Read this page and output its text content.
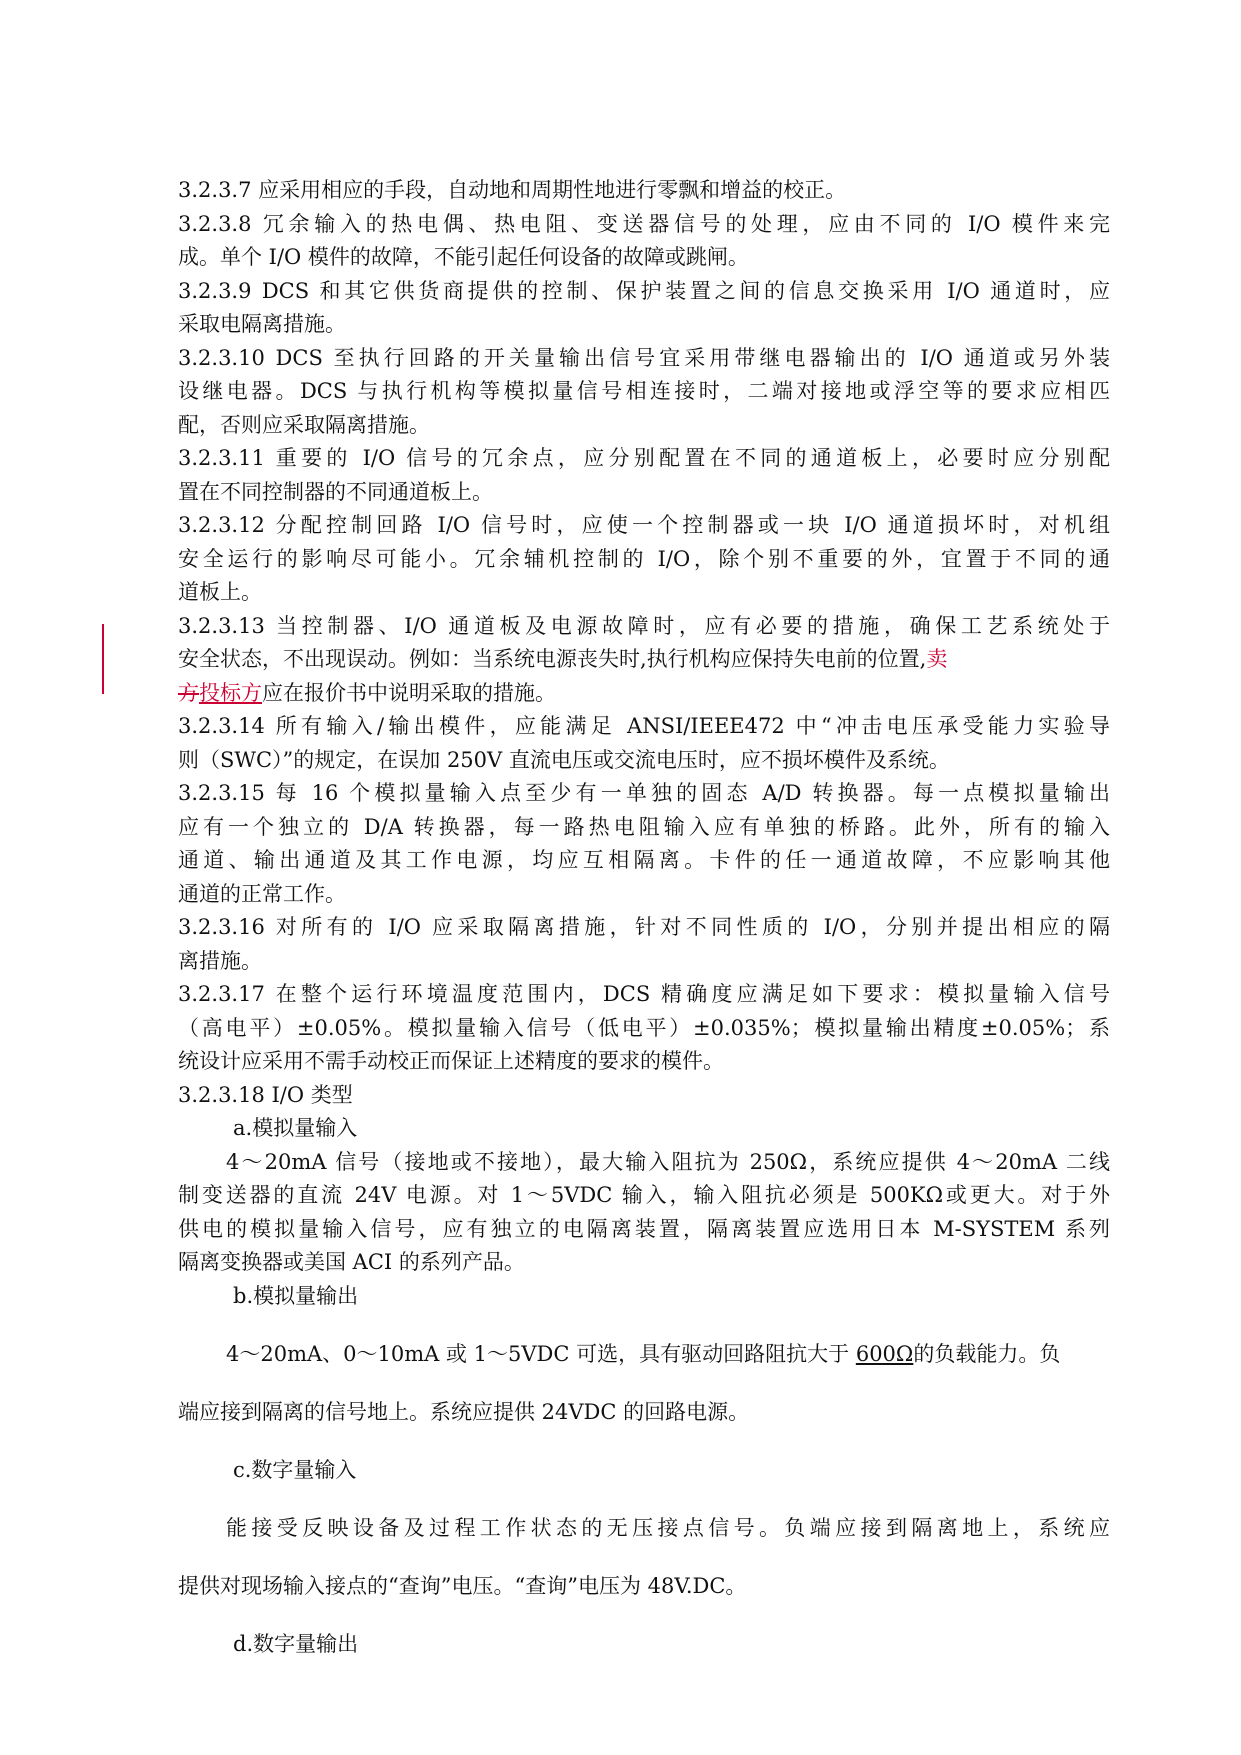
3.2.3.7 应采用相应的手段，自动地和周期性地进行零飘和增益的校正。
3.2.3.8 冗余输入的热电偶、热电阻、变送器信号的处理，应由不同的 I/O 模件来完
成。单个 I/O 模件的故障，不能引起任何设备的故障或跳闸。
3.2.3.9 DCS 和其它供货商提供的控制、保护装置之间的信息交换采用 I/O 通道时，应
采取电隔离措施。
3.2.3.10 DCS 至执行回路的开关量输出信号宜采用带继电器输出的 I/O 通道或另外装
设继电器。DCS 与执行机构等模拟量信号相连接时，二端对接地或浮空等的要求应相匹
配，否则应采取隔离措施。
3.2.3.11 重要的 I/O 信号的冗余点，应分别配置在不同的通道板上，必要时应分别配
置在不同控制器的不同通道板上。
3.2.3.12 分配控制回路 I/O 信号时，应使一个控制器或一块 I/O 通道损坏时，对机组
安全运行的影响尽可能小。冗余辅机控制的 I/O，除个别不重要的外，宜置于不同的通
道板上。
3.2.3.13 当控制器、I/O 通道板及电源故障时，应有必要的措施，确保工艺系统处于
安全状态，不出现误动。例如：当系统电源丧失时,执行机构应保持失电前的位置,卖
方投标方应在报价书中说明采取的措施。
3.2.3.14 所有输入/输出模件，应能满足 ANSI/IEEE472 中“冲击电压承受能力实验导
则（SWC）”的规定，在误加 250V 直流电压或交流电压时，应不损坏模件及系统。
3.2.3.15 每 16 个模拟量输入点至少有一单独的固态 A/D 转换器。每一点模拟量输出
应有一个独立的 D/A 转换器，每一路热电阻输入应有单独的桥路。此外，所有的输入
通道、输出通道及其工作电源，均应互相隔离。卡件的任一通道故障，不应影响其他
通道的正常工作。
3.2.3.16 对所有的 I/O 应采取隔离措施，针对不同性质的 I/O，分别并提出相应的隔
离措施。
3.2.3.17 在整个运行环境温度范围内，DCS 精确度应满足如下要求：模拟量输入信号
（高电平）±0.05%。模拟量输入信号（低电平）±0.035%；模拟量输出精度±0.05%；系
统设计应采用不需手动校正而保证上述精度的要求的模件。
3.2.3.18 I/O 类型
a.模拟量输入
4～20mA 信号（接地或不接地），最大输入阻抗为 250Ω，系统应提供 4～20mA 二线
制变送器的直流 24V 电源。对 1～5VDC 输入，输入阻抗必须是 500KΩ或更大。对于外
供电的模拟量输入信号，应有独立的电隔离装置，隔离装置应选用日本 M-SYSTEM 系列
隔离变换器或美国 ACI 的系列产品。
b.模拟量输出
4～20mA、0～10mA 或 1～5VDC 可选，具有驱动回路阻抗大于 600Ω的负载能力。负
端应接到隔离的信号地上。系统应提供 24VDC 的回路电源。
c.数字量输入
能接受反映设备及过程工作状态的无压接点信号。负端应接到隔离地上，系统应
提供对现场输入接点的“查询”电压。“查询”电压为 48V.DC。
d.数字量输出
